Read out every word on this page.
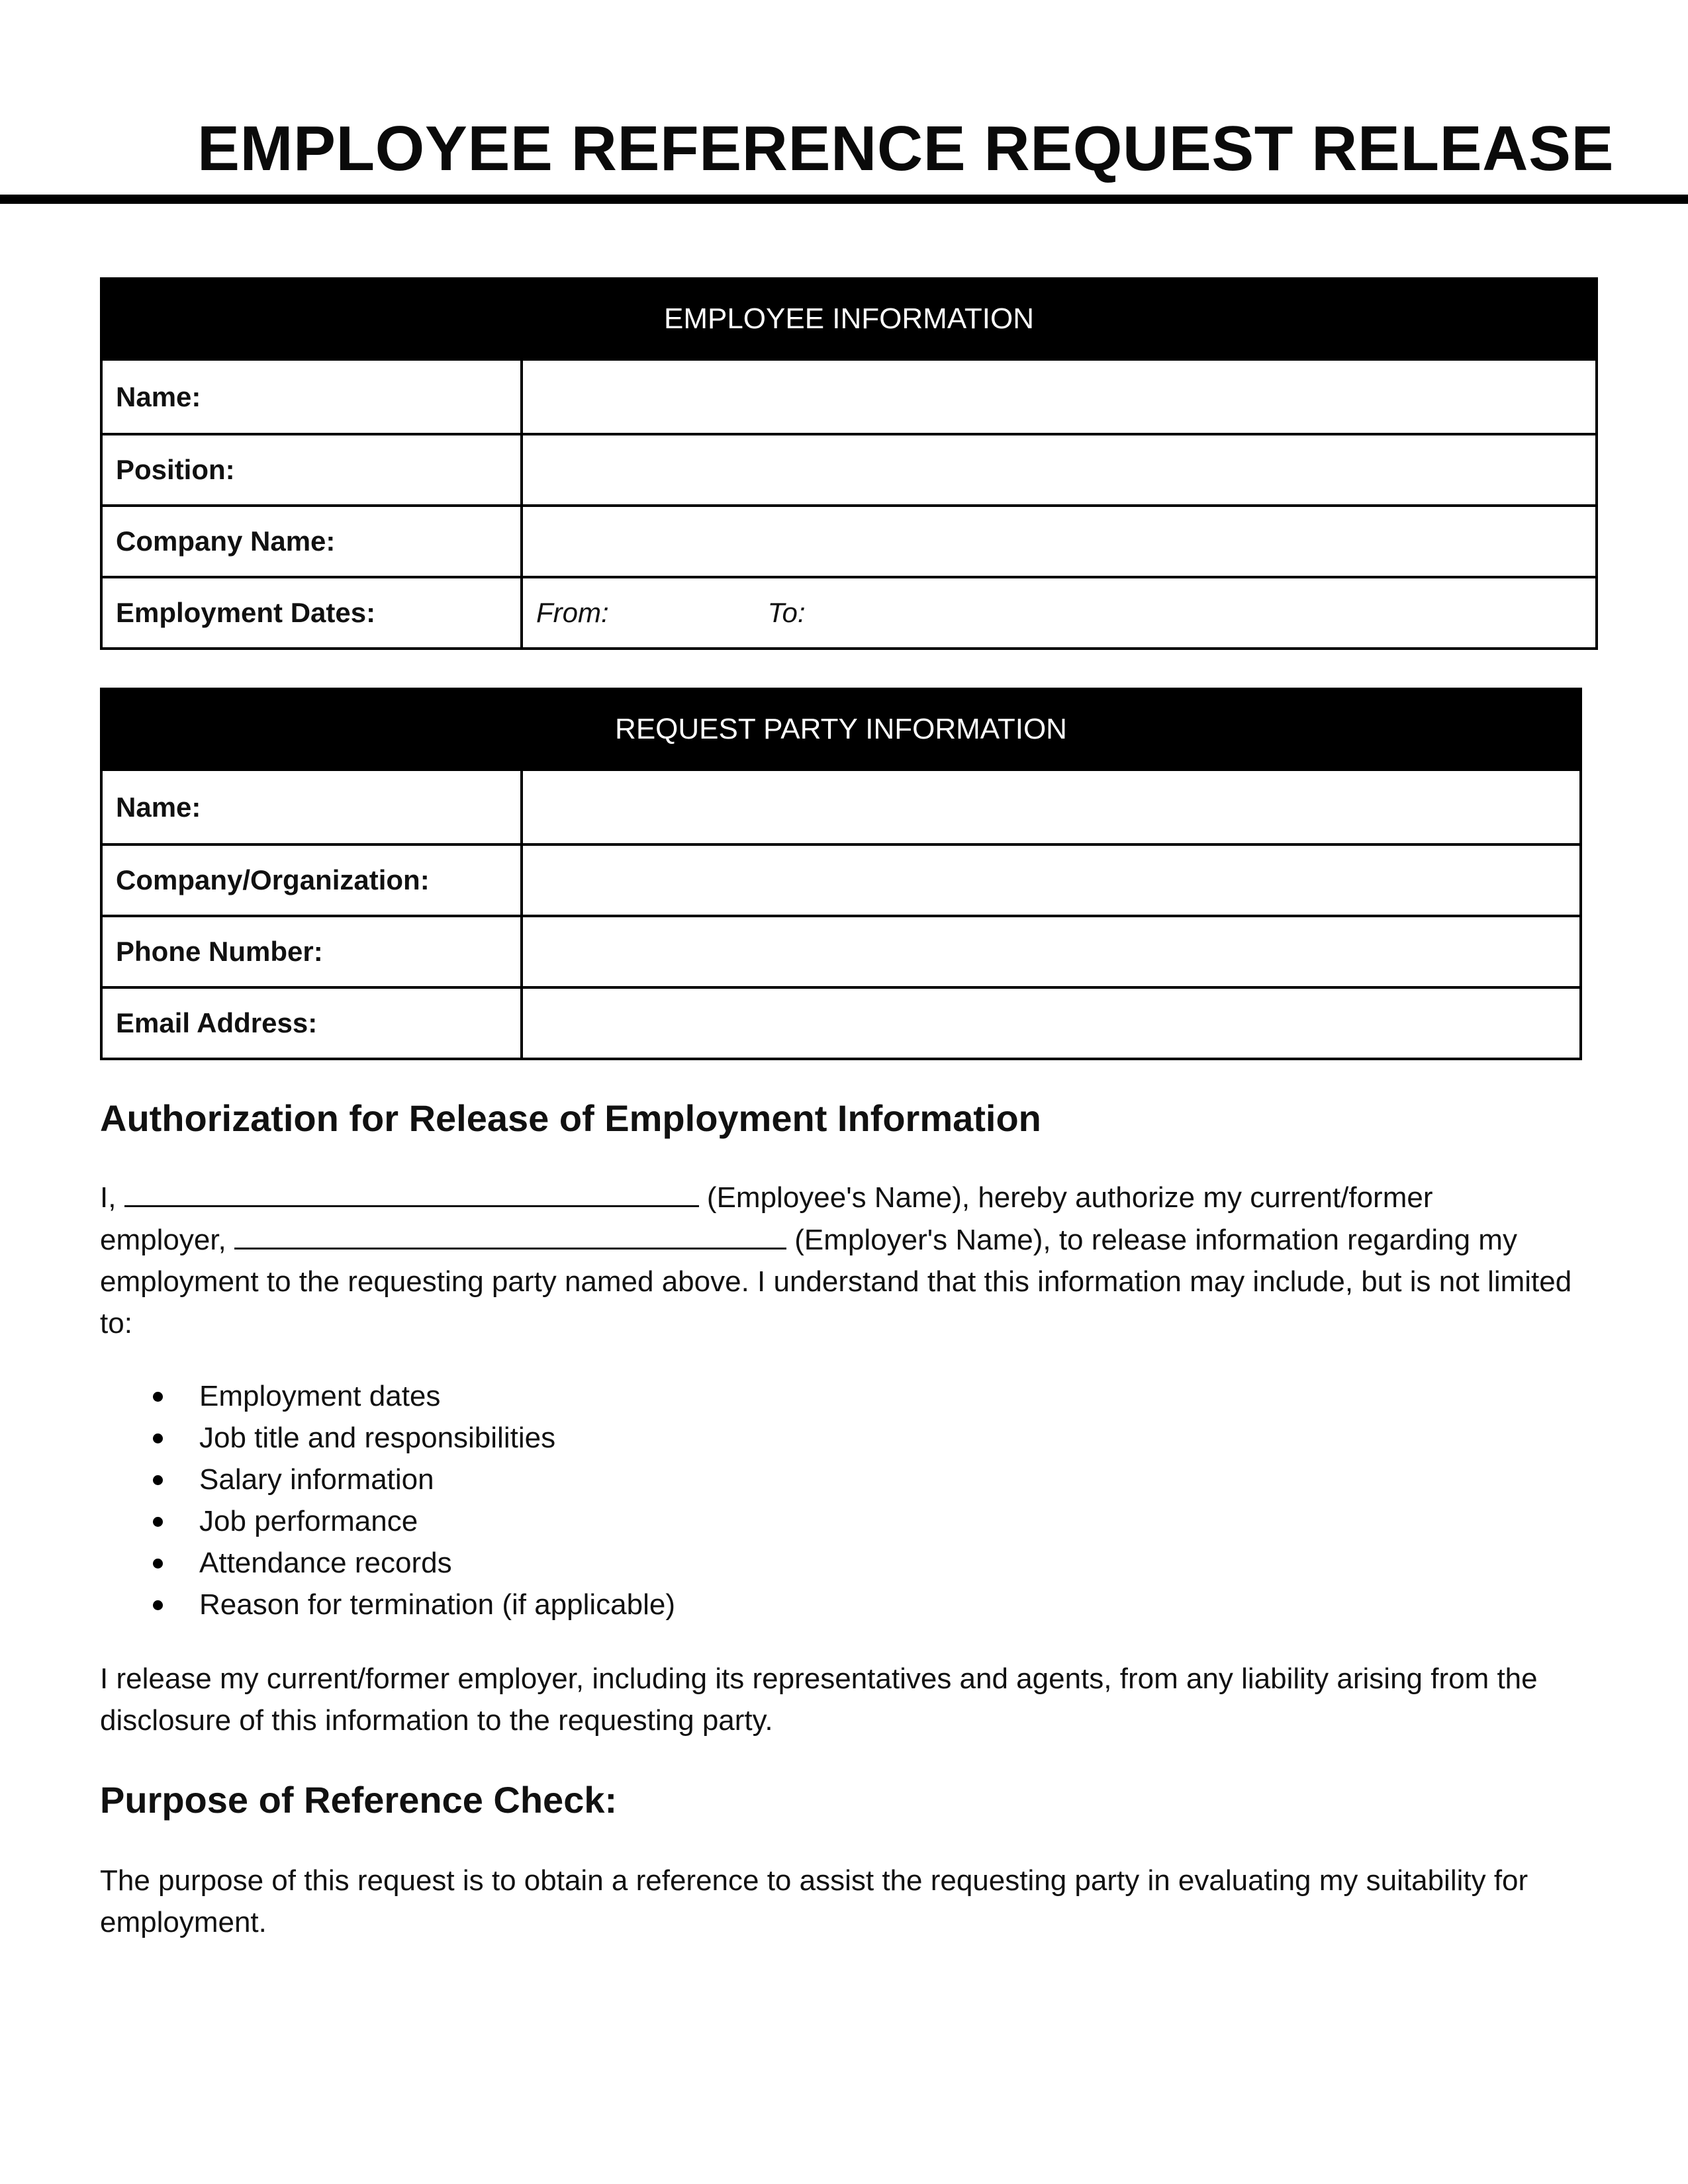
EMPLOYEE REFERENCE REQUEST RELEASE
EMPLOYEE INFORMATION	
Name:	
Position:	
Company Name:	
Employment Dates:	From: To:
REQUEST PARTY INFORMATION	
Name:	
Company/Organization:	
Phone Number:	
Email Address:	
Authorization for Release of Employment Information

I,	(Employee's Name), hereby authorize my current/former
employer,	(Employer's Name), to release information regarding my employment to the requesting party named above. I understand that this information may include, but is not limited to:

Employment dates
Job title and responsibilities
Salary information
Job performance
Attendance records
Reason for termination (if applicable)

I release my current/former employer, including its representatives and agents, from any liability arising from the disclosure of this information to the requesting party.

Purpose of Reference Check:

The purpose of this request is to obtain a reference to assist the requesting party in evaluating my suitability for employment.
